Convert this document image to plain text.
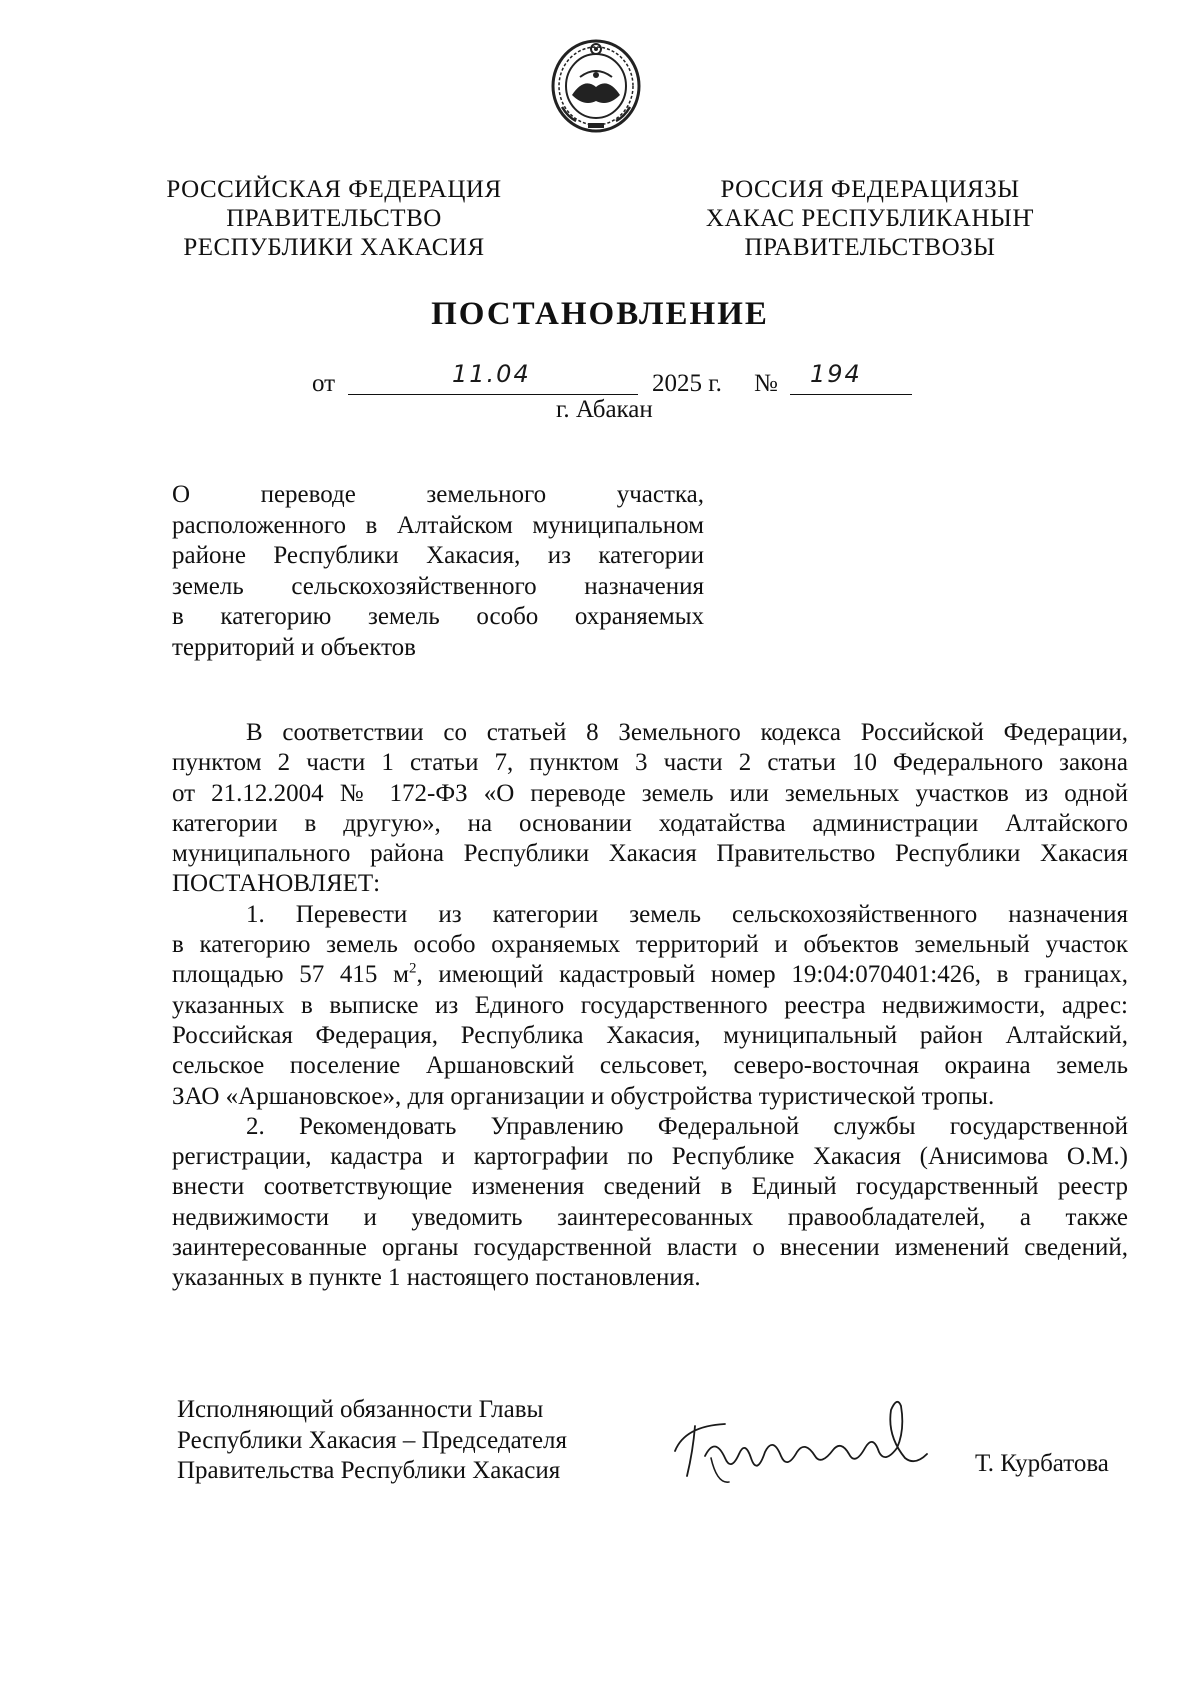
РОССИЙСКАЯ ФЕДЕРАЦИЯ
ПРАВИТЕЛЬСТВО
РЕСПУБЛИКИ ХАКАСИЯ
РОССИЯ ФЕДЕРАЦИЯЗЫ
ХАКАС РЕСПУБЛИКАНЫҤ
ПРАВИТЕЛЬСТВОЗЫ
ПОСТАНОВЛЕНИЕ
от	11.04	2025 г. № 194
г. Абакан
О переводе земельного участка,
расположенного в Алтайском муниципальном
районе Республики Хакасия, из категории
земель сельскохозяйственного назначения
в категорию земель особо охраняемых
территорий и объектов
В соответствии со статьей 8 Земельного кодекса Российской Федерации,
пунктом 2 части 1 статьи 7, пунктом 3 части 2 статьи 10 Федерального закона
от 21.12.2004 № 172-ФЗ «О переводе земель или земельных участков из одной
категории в другую», на основании ходатайства администрации Алтайского
муниципального района Республики Хакасия Правительство Республики Хакасия
ПОСТАНОВЛЯЕТ:
1. Перевести из категории земель сельскохозяйственного назначения
в категорию земель особо охраняемых территорий и объектов земельный участок
площадью 57 415 $м^2$, имеющий кадастровый номер 19:04:070401:426, в границах,
указанных в выписке из Единого государственного реестра недвижимости, адрес:
Российская Федерация, Республика Хакасия, муниципальный район Алтайский,
сельское поселение Аршановский сельсовет, северо-восточная окраина земель
ЗАО «Аршановское», для организации и обустройства туристической тропы.
2. Рекомендовать Управлению Федеральной службы государственной
регистрации, кадастра и картографии по Республике Хакасия (Анисимова О.М.)
внести соответствующие изменения сведений в Единый государственный реестр
недвижимости и уведомить заинтересованных правообладателей, а также
заинтересованные органы государственной власти о внесении изменений сведений,
указанных в пункте 1 настоящего постановления.
Исполняющий обязанности Главы
Республики Хакасия – Председателя
Правительства Республики Хакасия	Т. Курбатова
